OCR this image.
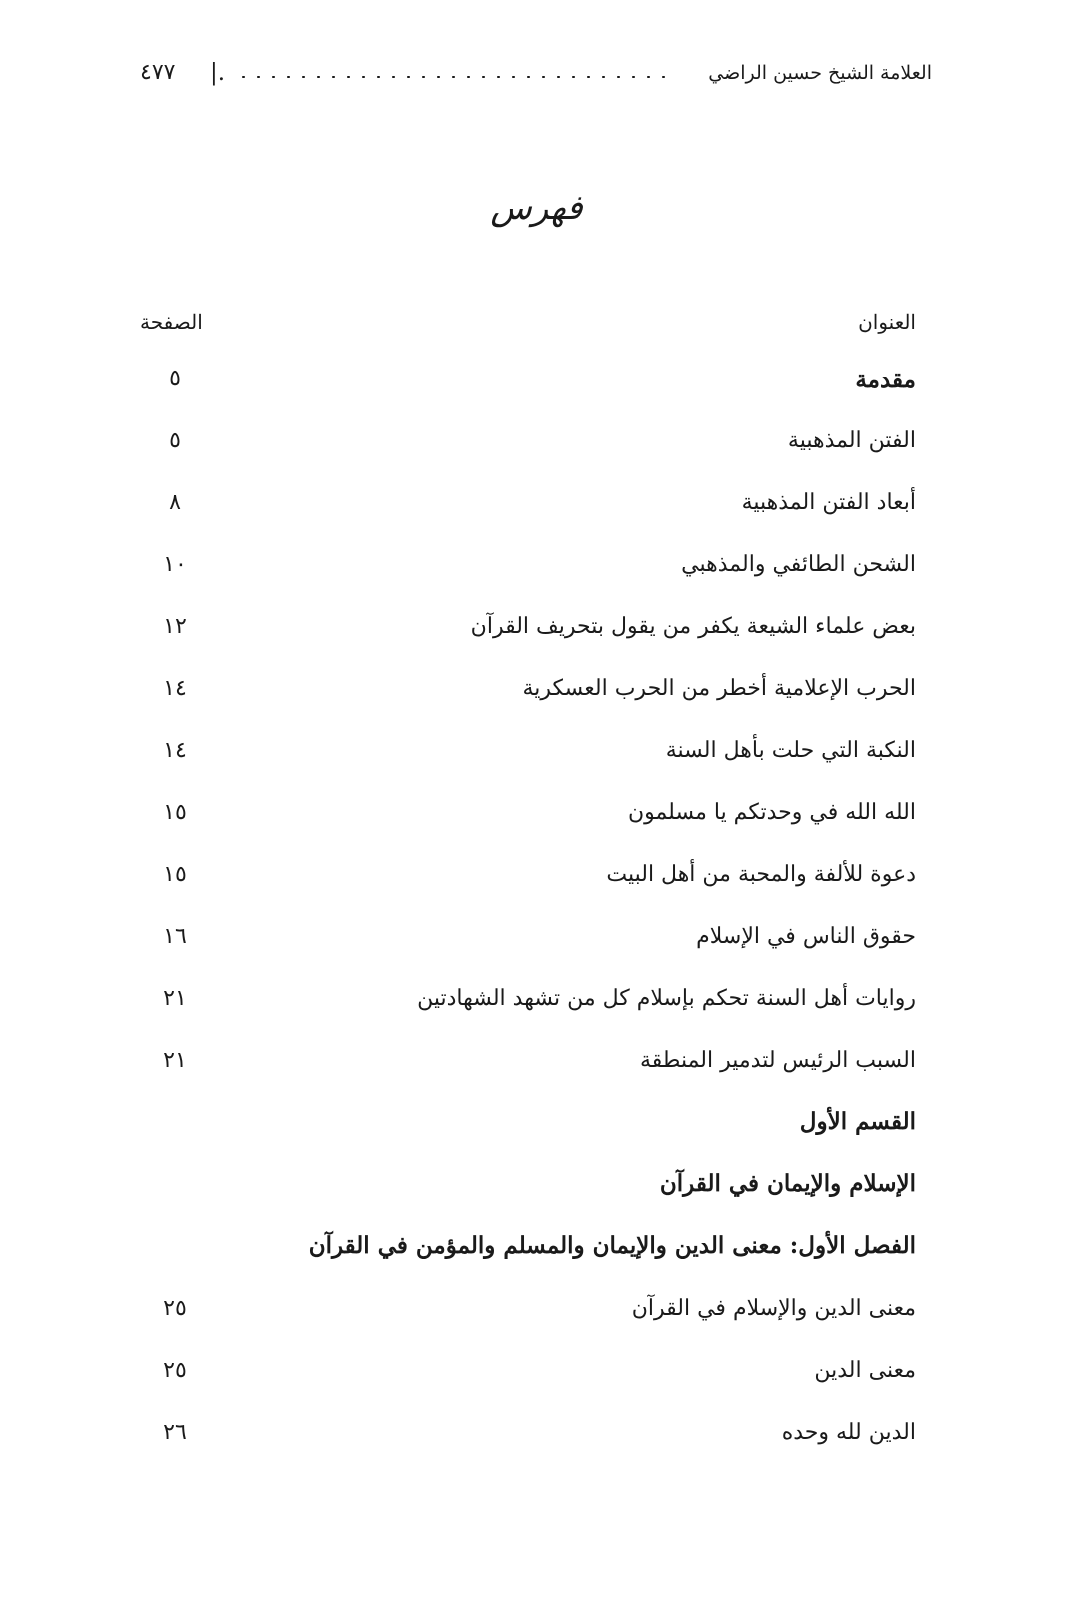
العلامة الشيخ حسين الراضي
.|
٤٧٧
فهرس
العنوان
الصفحة
مقدمة
٥
الفتن المذهبية
٥
أبعاد الفتن المذهبية
٨
الشحن الطائفي والمذهبي
١٠
بعض علماء الشيعة يكفر من يقول بتحريف القرآن
١٢
الحرب الإعلامية أخطر من الحرب العسكرية
١٤
النكبة التي حلت بأهل السنة
١٤
الله الله في وحدتكم يا مسلمون
١٥
دعوة للألفة والمحبة من أهل البيت
١٥
حقوق الناس في الإسلام
١٦
روايات أهل السنة تحكم بإسلام كل من تشهد الشهادتين
٢١
السبب الرئيس لتدمير المنطقة
٢١
القسم الأول
الإسلام والإيمان في القرآن
الفصل الأول: معنى الدين والإيمان والمسلم والمؤمن في القرآن
معنى الدين والإسلام في القرآن
٢٥
معنى الدين
٢٥
الدين لله وحده
٢٦
